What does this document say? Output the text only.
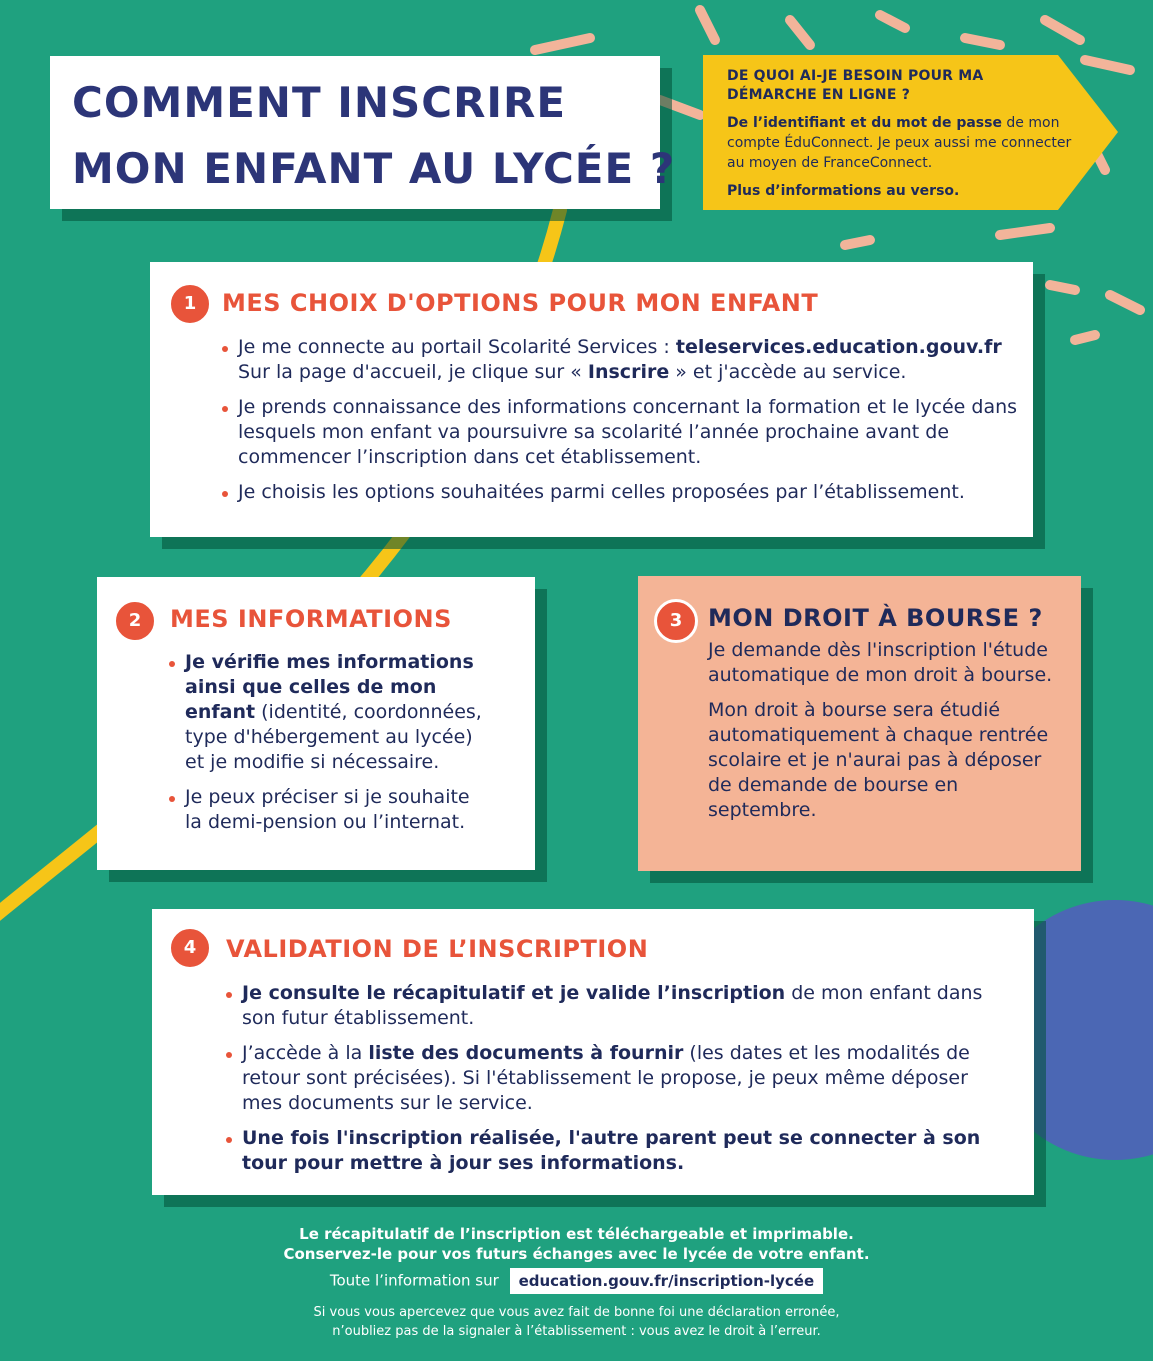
COMMENT INSCRIRE
MON ENFANT AU LYCÉE ?
DE QUOI AI-JE BESOIN POUR MA DÉMARCHE EN LIGNE ?
De l’identifiant et du mot de passe de mon compte ÉduConnect. Je peux aussi me connecter au moyen de FranceConnect.
Plus d’informations au verso.
1	MES CHOIX D'OPTIONS POUR MON ENFANT
Je me connecte au portail Scolarité Services : teleservices.education.gouv.fr
Sur la page d'accueil, je clique sur « Inscrire » et j'accède au service.
Je prends connaissance des informations concernant la formation et le lycée dans lesquels mon enfant va poursuivre sa scolarité l’année prochaine avant de commencer l’inscription dans cet établissement.
Je choisis les options souhaitées parmi celles proposées par l’établissement.
2	MES INFORMATIONS
Je vérifie mes informations ainsi que celles de mon enfant (identité, coordonnées, type d'hébergement au lycée) et je modifie si nécessaire.
Je peux préciser si je souhaite la demi-pension ou l’internat.
3	MON DROIT À BOURSE ?
Je demande dès l'inscription l'étude automatique de mon droit à bourse.
Mon droit à bourse sera étudié automatiquement à chaque rentrée scolaire et je n'aurai pas à déposer de demande de bourse en septembre.
4	VALIDATION DE L’INSCRIPTION
Je consulte le récapitulatif et je valide l’inscription de mon enfant dans son futur établissement.
J’accède à la liste des documents à fournir (les dates et les modalités de retour sont précisées). Si l'établissement le propose, je peux même déposer mes documents sur le service.
Une fois l'inscription réalisée, l'autre parent peut se connecter à son tour pour mettre à jour ses informations.
Le récapitulatif de l’inscription est téléchargeable et imprimable.
Conservez-le pour vos futurs échanges avec le lycée de votre enfant.
Toute l’information sur education.gouv.fr/inscription-lycée
Si vous vous apercevez que vous avez fait de bonne foi une déclaration erronée,
n’oubliez pas de la signaler à l’établissement : vous avez le droit à l’erreur.
